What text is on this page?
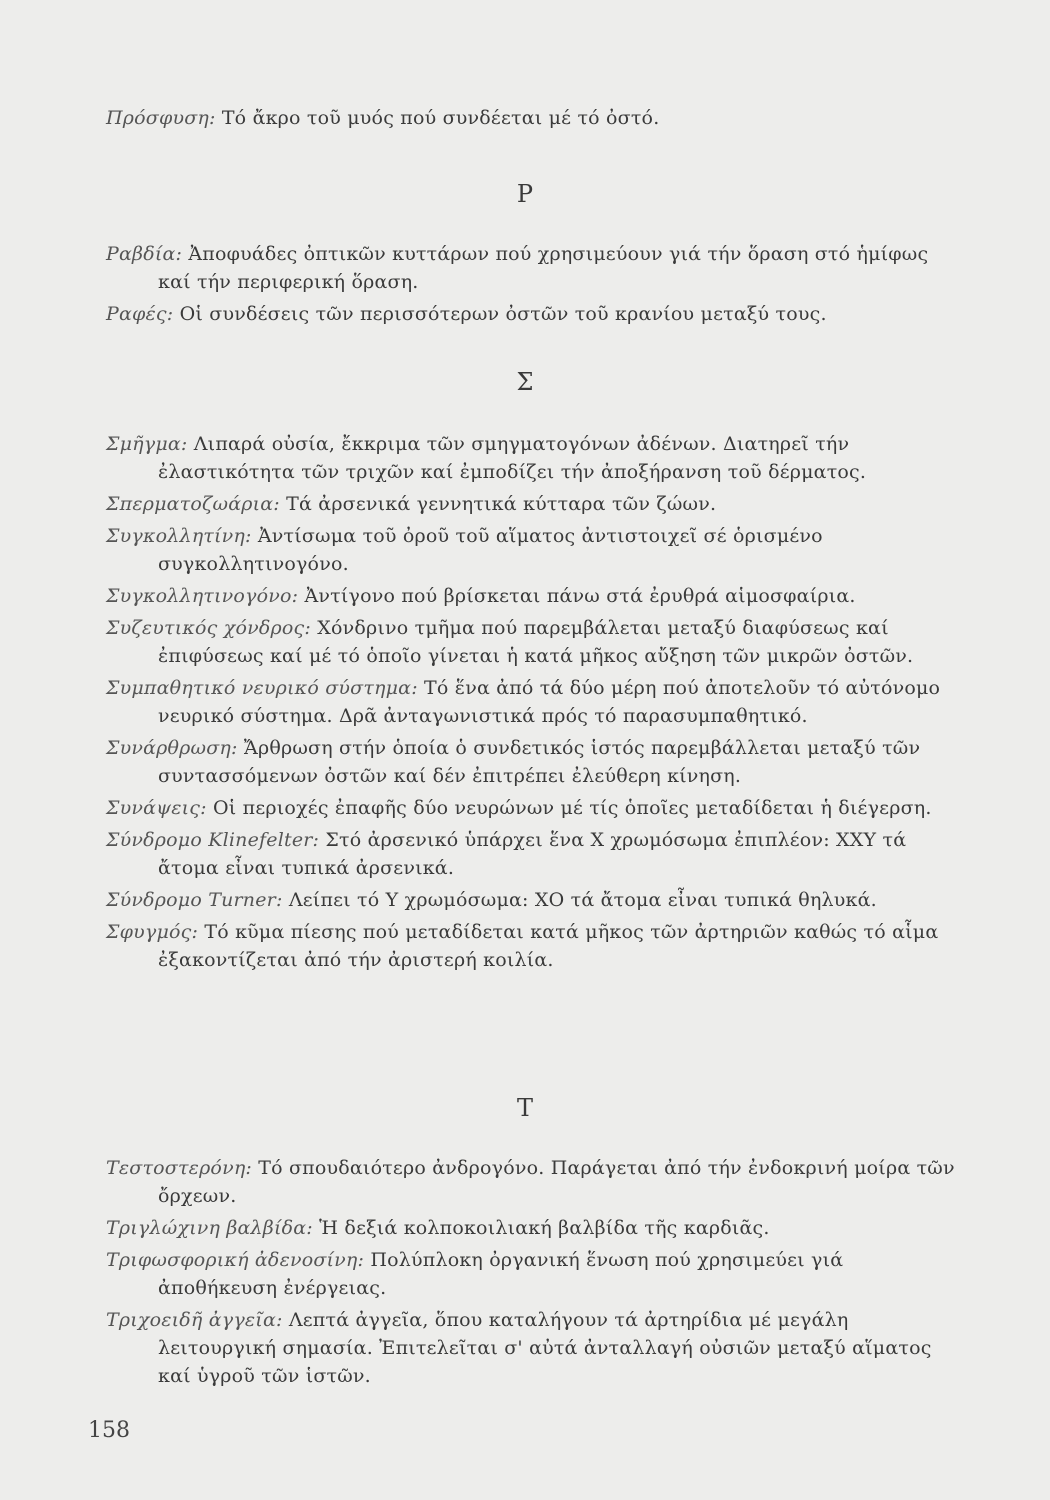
Πρόσφυση: Τό ἄκρο τοῦ μυός πού συνδέεται μέ τό ὀστό.

Ρ

Ραβδία: Ἀποφυάδες ὀπτικῶν κυττάρων πού χρησιμεύουν γιά τήν ὅραση στό ἡμίφως καί τήν περιφερική ὅραση.

Ραφές: Οἱ συνδέσεις τῶν περισσότερων ὀστῶν τοῦ κρανίου μεταξύ τους.

Σ

Σμῆγμα: Λιπαρά οὐσία, ἔκκριμα τῶν σμηγματογόνων ἀδένων. Διατηρεῖ τήν ἐλαστικότητα τῶν τριχῶν καί ἐμποδίζει τήν ἀποξήρανση τοῦ δέρματος.

Σπερματοζωάρια: Τά ἀρσενικά γεννητικά κύτταρα τῶν ζώων.

Συγκολλητίνη: Ἀντίσωμα τοῦ ὀροῦ τοῦ αἵματος ἀντιστοιχεῖ σέ ὁρισμένο συγκολλητινογόνο.

Συγκολλητινογόνο: Ἀντίγονο πού βρίσκεται πάνω στά ἐρυθρά αἱμοσφαίρια.

Συζευτικός χόνδρος: Χόνδρινο τμῆμα πού παρεμβάλεται μεταξύ διαφύσεως καί ἐπιφύσεως καί μέ τό ὁποῖο γίνεται ἡ κατά μῆκος αὔξηση τῶν μικρῶν ὀστῶν.

Συμπαθητικό νευρικό σύστημα: Τό ἕνα ἀπό τά δύο μέρη πού ἀποτελοῦν τό αὐτόνομο νευρικό σύστημα. Δρᾶ ἀνταγωνιστικά πρός τό παρασυμπαθητικό.

Συνάρθρωση: Ἄρθρωση στήν ὁποία ὁ συνδετικός ἱστός παρεμβάλλεται μεταξύ τῶν συντασσόμενων ὀστῶν καί δέν ἐπιτρέπει ἐλεύθερη κίνηση.

Συνάψεις: Οἱ περιοχές ἐπαφῆς δύο νευρώνων μέ τίς ὁποῖες μεταδίδεται ἡ διέγερση.

Σύνδρομο Klinefelter: Στό ἀρσενικό ὑπάρχει ἕνα Χ χρωμόσωμα ἐπιπλέον: ΧΧΥ τά ἄτομα εἶναι τυπικά ἀρσενικά.

Σύνδρομο Turner: Λείπει τό Υ χρωμόσωμα: ΧΟ τά ἄτομα εἶναι τυπικά θηλυκά.

Σφυγμός: Τό κῦμα πίεσης πού μεταδίδεται κατά μῆκος τῶν ἀρτηριῶν καθώς τό αἷμα ἐξακοντίζεται ἀπό τήν ἀριστερή κοιλία.

Τ

Τεστοστερόνη: Τό σπουδαιότερο ἀνδρογόνο. Παράγεται ἀπό τήν ἐνδοκρινή μοίρα τῶν ὄρχεων.

Τριγλώχινη βαλβίδα: Ἡ δεξιά κολποκοιλιακή βαλβίδα τῆς καρδιᾶς.

Τριφωσφορική ἀδενοσίνη: Πολύπλοκη ὀργανική ἕνωση πού χρησιμεύει γιά ἀποθήκευση ἐνέργειας.

Τριχοειδῆ ἀγγεῖα: Λεπτά ἀγγεῖα, ὅπου καταλήγουν τά ἀρτηρίδια μέ μεγάλη λειτουργική σημασία. Ἐπιτελεῖται σ' αὐτά ἀνταλλαγή οὐσιῶν μεταξύ αἵματος καί ὑγροῦ τῶν ἱστῶν.

158
